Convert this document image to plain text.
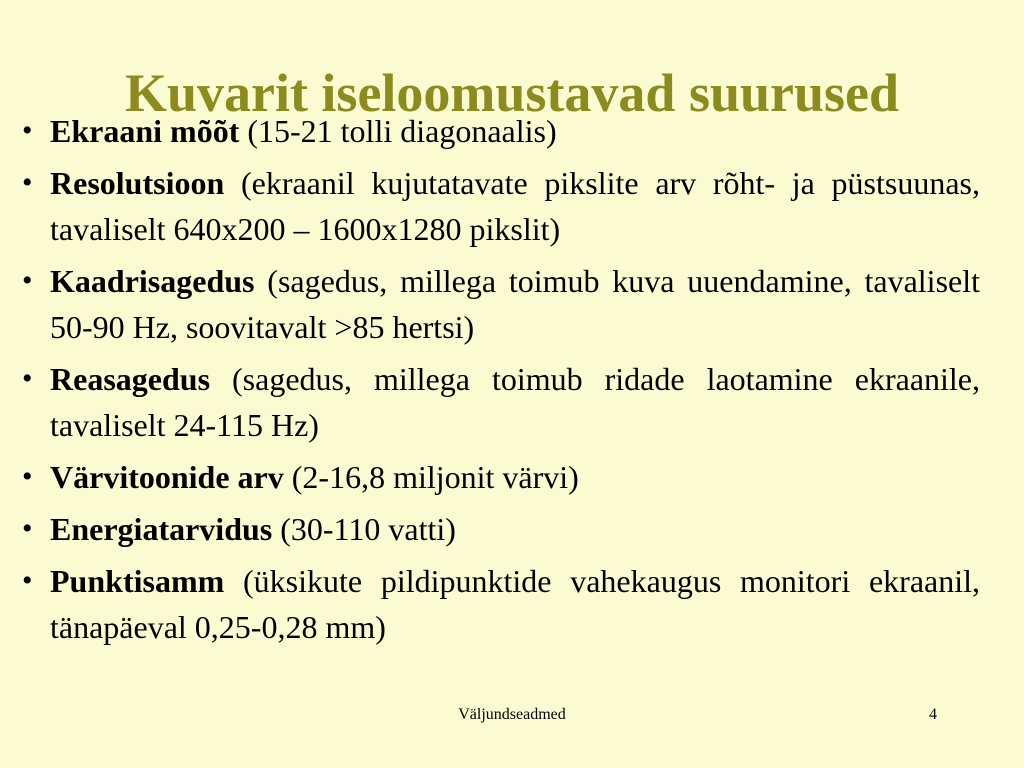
Kuvarit iseloomustavad suurused
• Ekraani mõõt (15-21 tolli diagonaalis)
• Resolutsioon (ekraanil kujutatavate pikslite arv rõht- ja püstsuunas, tavaliselt 640x200 – 1600x1280 pikslit)
• Kaadrisagedus (sagedus, millega toimub kuva uuendamine, tavaliselt 50-90 Hz, soovitavalt >85 hertsi)
• Reasagedus (sagedus, millega toimub ridade laotamine ekraanile, tavaliselt 24-115 Hz)
• Värvitoonide arv (2-16,8 miljonit värvi)
• Energiatarvidus (30-110 vatti)
• Punktisamm (üksikute pildipunktide vahekaugus monitori ekraanil, tänapäeval 0,25-0,28 mm)
Väljundseadmed	4
